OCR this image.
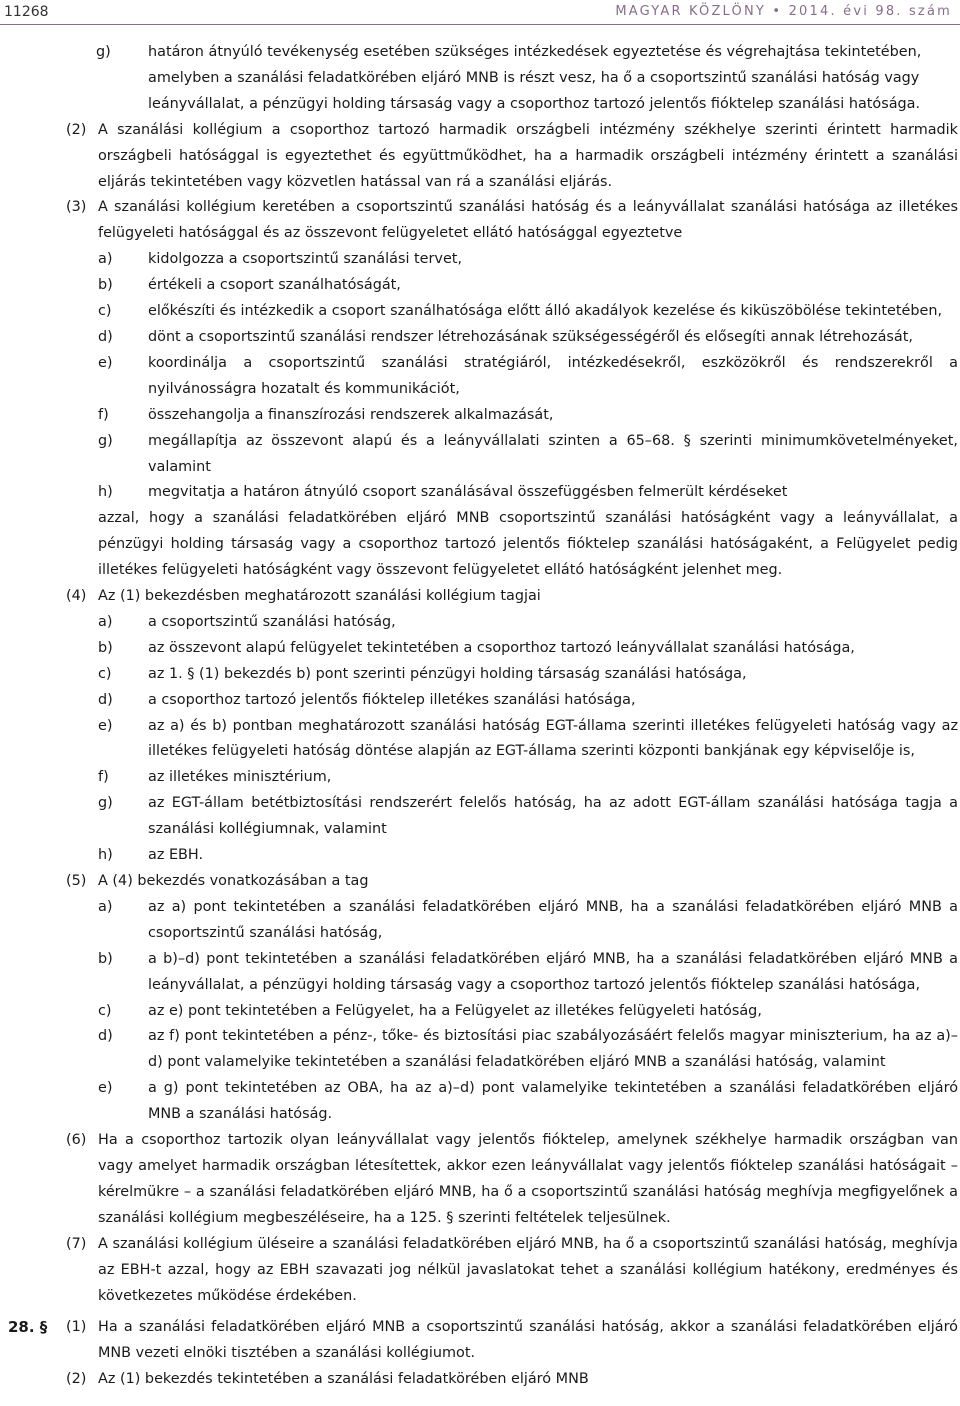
11268	MAGYAR KÖZLÖNY • 2014. évi 98. szám
g)	határon átnyúló tevékenység esetében szükséges intézkedések egyeztetése és végrehajtása tekintetében, amelyben a szanálási feladatkörében eljáró MNB is részt vesz, ha ő a csoportszintű szanálási hatóság vagy leányvállalat, a pénzügyi holding társaság vagy a csoporthoz tartozó jelentős fióktelep szanálási hatósága.
(2) A szanálási kollégium a csoporthoz tartozó harmadik országbeli intézmény székhelye szerinti érintett harmadik országbeli hatósággal is egyeztethet és együttműködhet, ha a harmadik országbeli intézmény érintett a szanálási eljárás tekintetében vagy közvetlen hatással van rá a szanálási eljárás.
(3) A szanálási kollégium keretében a csoportszintű szanálási hatóság és a leányvállalat szanálási hatósága az illetékes felügyeleti hatósággal és az összevont felügyeletet ellátó hatósággal egyeztetve
a) kidolgozza a csoportszintű szanálási tervet,
b) értékeli a csoport szanálhatóságát,
c)	előkészíti és intézkedik a csoport szanálhatósága előtt álló akadályok kezelése és kiküszöbölése tekintetében,
d) dönt a csoportszintű szanálási rendszer létrehozásának szükségességéről és elősegíti annak létrehozását,
e) koordinálja a csoportszintű szanálási stratégiáról, intézkedésekről, eszközökről és rendszerekről a nyilvánosságra hozatalt és kommunikációt,
f)	összehangolja a finanszírozási rendszerek alkalmazását,
g) megállapítja az összevont alapú és a leányvállalati szinten a 65–68. § szerinti minimumkövetelményeket, valamint
h) megvitatja a határon átnyúló csoport szanálásával összefüggésben felmerült kérdéseket
azzal, hogy a szanálási feladatkörében eljáró MNB csoportszintű szanálási hatóságként vagy a leányvállalat, a pénzügyi holding társaság vagy a csoporthoz tartozó jelentős fióktelep szanálási hatóságaként, a Felügyelet pedig illetékes felügyeleti hatóságként vagy összevont felügyeletet ellátó hatóságként jelenhet meg.
(4) Az (1) bekezdésben meghatározott szanálási kollégium tagjai
a) a csoportszintű szanálási hatóság,
b) az összevont alapú felügyelet tekintetében a csoporthoz tartozó leányvállalat szanálási hatósága,
c)	az 1. § (1) bekezdés b) pont szerinti pénzügyi holding társaság szanálási hatósága,
d) a csoporthoz tartozó jelentős fióktelep illetékes szanálási hatósága,
e) az a) és b) pontban meghatározott szanálási hatóság EGT-állama szerinti illetékes felügyeleti hatóság vagy az illetékes felügyeleti hatóság döntése alapján az EGT-állama szerinti központi bankjának egy képviselője is,
f)	az illetékes minisztérium,
g) az EGT-állam betétbiztosítási rendszerért felelős hatóság, ha az adott EGT-állam szanálási hatósága tagja a szanálási kollégiumnak, valamint
h) az EBH.
(5) A (4) bekezdés vonatkozásában a tag
a) az a) pont tekintetében a szanálási feladatkörében eljáró MNB, ha a szanálási feladatkörében eljáró MNB a csoportszintű szanálási hatóság,
b) a b)–d) pont tekintetében a szanálási feladatkörében eljáró MNB, ha a szanálási feladatkörében eljáró MNB a leányvállalat, a pénzügyi holding társaság vagy a csoporthoz tartozó jelentős fióktelep szanálási hatósága,
c)	az e) pont tekintetében a Felügyelet, ha a Felügyelet az illetékes felügyeleti hatóság,
d) az f) pont tekintetében a pénz-, tőke- és biztosítási piac szabályozásáért felelős magyar miniszterium, ha az a)–d) pont valamelyike tekintetében a szanálási feladatkörében eljáró MNB a szanálási hatóság, valamint
e) a g) pont tekintetében az OBA, ha az a)–d) pont valamelyike tekintetében a szanálási feladatkörében eljáró MNB a szanálási hatóság.
(6) Ha a csoporthoz tartozik olyan leányvállalat vagy jelentős fióktelep, amelynek székhelye harmadik országban van vagy amelyet harmadik országban létesítettek, akkor ezen leányvállalat vagy jelentős fióktelep szanálási hatóságait – kérelmükre – a szanálási feladatkörében eljáró MNB, ha ő a csoportszintű szanálási hatóság meghívja megfigyelőnek a szanálási kollégium megbeszéléseire, ha a 125. § szerinti feltételek teljesülnek.
(7) A szanálási kollégium üléseire a szanálási feladatkörében eljáró MNB, ha ő a csoportszintű szanálási hatóság, meghívja az EBH-t azzal, hogy az EBH szavazati jog nélkül javaslatokat tehet a szanálási kollégium hatékony, eredményes és következetes működése érdekében.
28. § (1) Ha a szanálási feladatkörében eljáró MNB a csoportszintű szanálási hatóság, akkor a szanálási feladatkörében eljáró MNB vezeti elnöki tisztében a szanálási kollégiumot.
(2) Az (1) bekezdés tekintetében a szanálási feladatkörében eljáró MNB
